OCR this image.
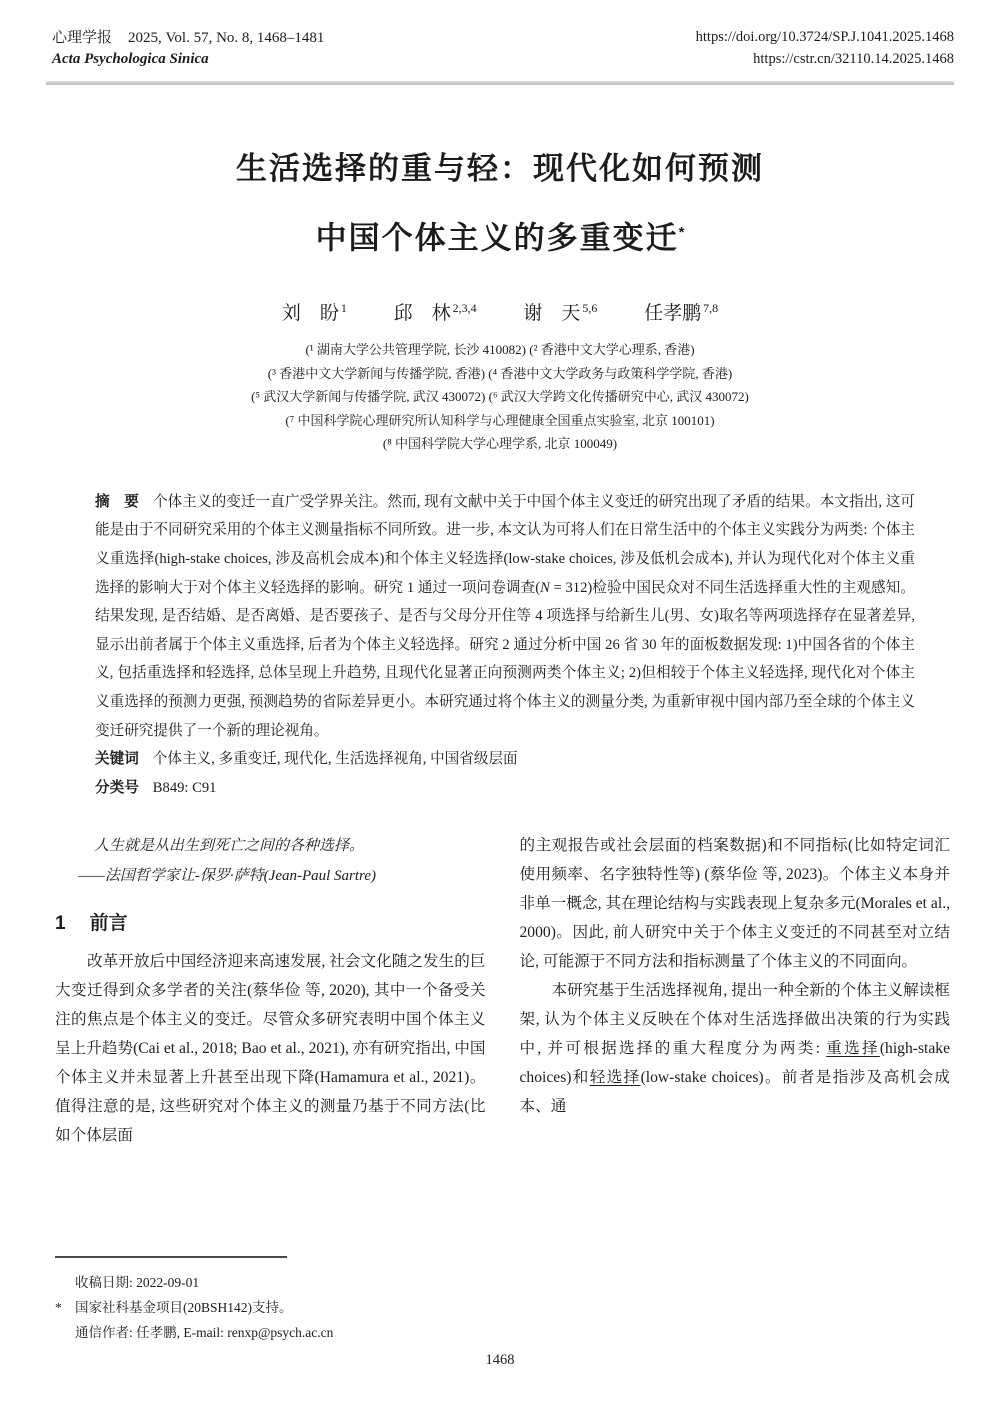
心理学报 2025, Vol. 57, No. 8, 1468–1481
Acta Psychologica Sinica
https://doi.org/10.3724/SP.J.1041.2025.1468
https://cstr.cn/32110.14.2025.1468
生活选择的重与轻：现代化如何预测
中国个体主义的多重变迁*
刘　盼 $^1$ 邱　林 $^{2,3,4}$ 谢　天 $^{5,6}$ 任孝鹏 $^{7,8}$
(¹ 湖南大学公共管理学院, 长沙 410082) (² 香港中文大学心理系, 香港)
(³ 香港中文大学新闻与传播学院, 香港) (⁴ 香港中文大学政务与政策科学学院, 香港)
(⁵ 武汉大学新闻与传播学院, 武汉 430072) (⁶ 武汉大学跨文化传播研究中心, 武汉 430072)
(⁷ 中国科学院心理研究所认知科学与心理健康全国重点实验室, 北京 100101)
(⁸ 中国科学院大学心理学系, 北京 100049)
摘　要 个体主义的变迁一直广受学界关注。然而, 现有文献中关于中国个体主义变迁的研究出现了矛盾的结果。本文指出, 这可能是由于不同研究采用的个体主义测量指标不同所致。进一步, 本文认为可将人们在日常生活中的个体主义实践分为两类: 个体主义重选择(high-stake choices, 涉及高机会成本)和个体主义轻选择(low-stake choices, 涉及低机会成本), 并认为现代化对个体主义重选择的影响大于对个体主义轻选择的影响。研究 1 通过一项问卷调查(N = 312)检验中国民众对不同生活选择重大性的主观感知。结果发现, 是否结婚、是否离婚、是否要孩子、是否与父母分开住等 4 项选择与给新生儿(男、女)取名等两项选择存在显著差异, 显示出前者属于个体主义重选择, 后者为个体主义轻选择。研究 2 通过分析中国 26 省 30 年的面板数据发现: 1)中国各省的个体主义, 包括重选择和轻选择, 总体呈现上升趋势, 且现代化显著正向预测两类个体主义; 2)但相较于个体主义轻选择, 现代化对个体主义重选择的预测力更强, 预测趋势的省际差异更小。本研究通过将个体主义的测量分类, 为重新审视中国内部乃至全球的个体主义变迁研究提供了一个新的理论视角。
关键词 个体主义, 多重变迁, 现代化, 生活选择视角, 中国省级层面
分类号 B849: C91
人生就是从出生到死亡之间的各种选择。
——法国哲学家让-保罗·萨特(Jean-Paul Sartre)
1 前言

改革开放后中国经济迎来高速发展, 社会文化随之发生的巨大变迁得到众多学者的关注(蔡华俭 等, 2020), 其中一个备受关注的焦点是个体主义的变迁。尽管众多研究表明中国个体主义呈上升趋势(Cai et al., 2018; Bao et al., 2021), 亦有研究指出, 中国个体主义并未显著上升甚至出现下降(Hamamura et al., 2021)。值得注意的是, 这些研究对个体主义的测量乃基于不同方法(比如个体层面

的主观报告或社会层面的档案数据)和不同指标(比如特定词汇使用频率、名字独特性等) (蔡华俭 等, 2023)。个体主义本身并非单一概念, 其在理论结构与实践表现上复杂多元(Morales et al., 2000)。因此, 前人研究中关于个体主义变迁的不同甚至对立结论, 可能源于不同方法和指标测量了个体主义的不同面向。

本研究基于生活选择视角, 提出一种全新的个体主义解读框架, 认为个体主义反映在个体对生活选择做出决策的行为实践中, 并可根据选择的重大程度分为两类: 重选择(high-stake choices)和轻选择(low-stake choices)。前者是指涉及高机会成本、通

收稿日期: 2022-09-01
* 国家社科基金项目(20BSH142)支持。
通信作者: 任孝鹏, E-mail: renxp@psych.ac.cn
1468
